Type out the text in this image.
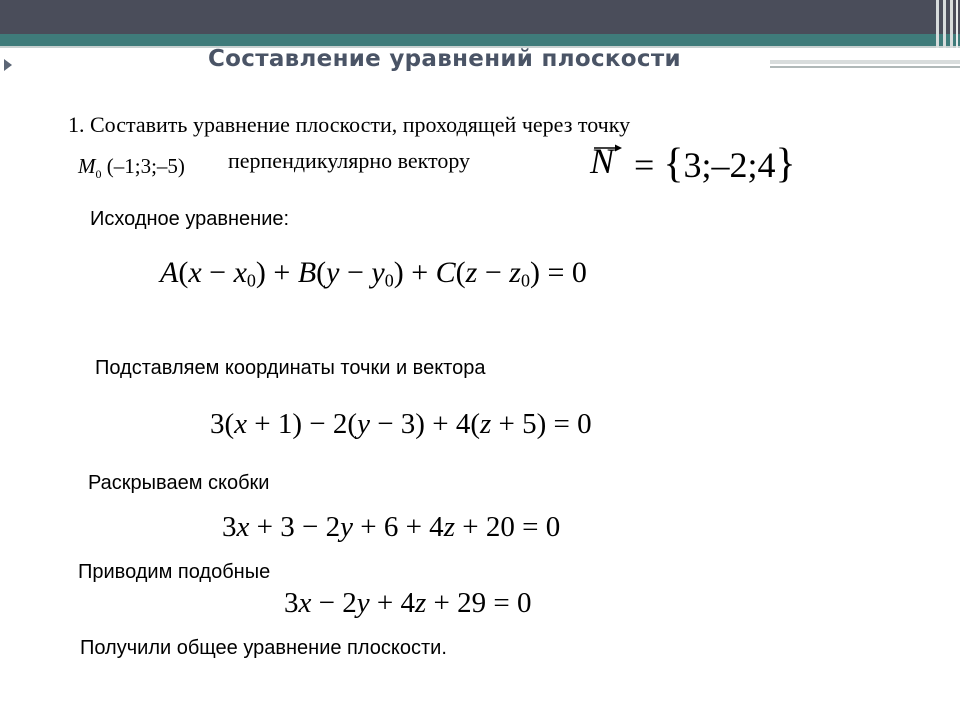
Составление уравнений плоскости
1. Составить уравнение плоскости, проходящей через точку
$M_0$ (–1;3;–5) перпендикулярно вектору	N = {3;–2;4}
Исходное уравнение:
$A(x - x_0) + B(y - y_0) + C(z - z_0) = 0$
Подставляем координаты точки и вектора
3(x + 1) − 2(y − 3) + 4(z + 5) = 0
Раскрываем скобки
3x + 3 − 2y + 6 + 4z + 20 = 0
Приводим подобные
3x − 2y + 4z + 29 = 0
Получили общее уравнение плоскости.
